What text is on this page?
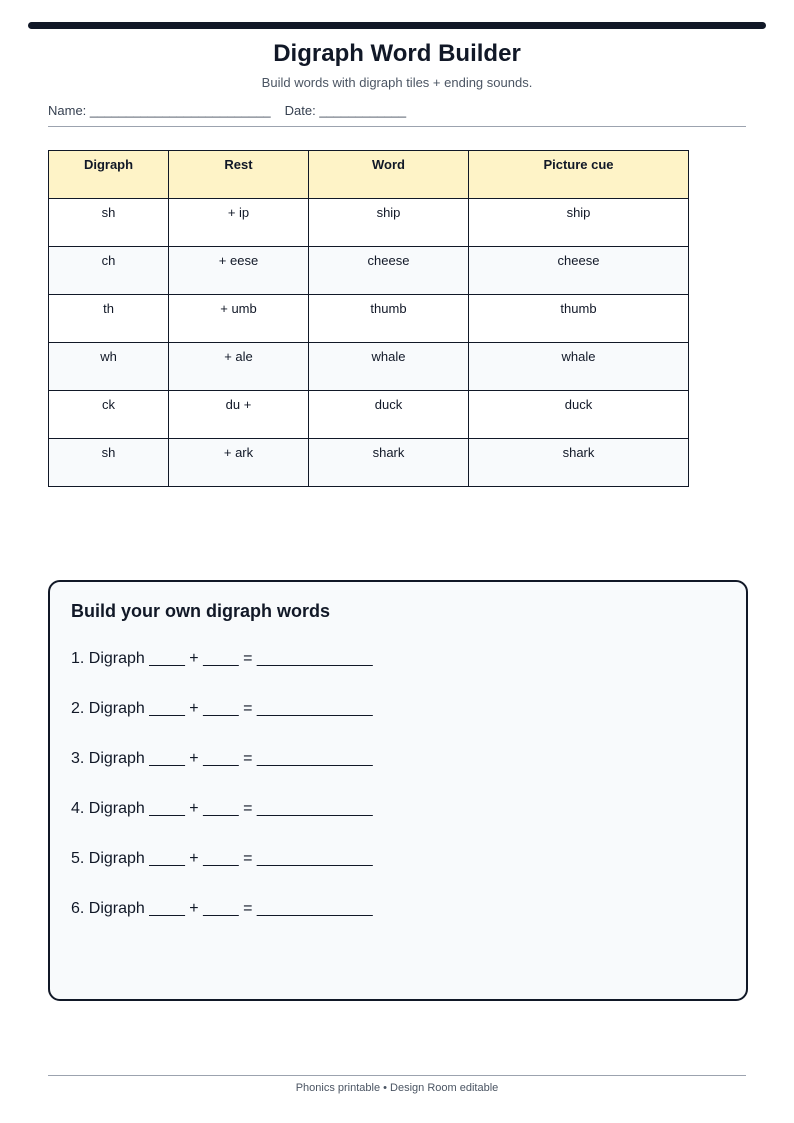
Digraph Word Builder
Build words with digraph tiles + ending sounds.
Name: _________________________ Date: ____________
Digraph	Rest	Word	Picture cue
sh	+ ip	ship	ship
ch	+ eese	cheese	cheese
th	+ umb	thumb	thumb
wh	+ ale	whale	whale
ck	du +	duck	duck
sh	+ ark	shark	shark
Build your own digraph words
1. Digraph ____ + ____ = _____________
2. Digraph ____ + ____ = _____________
3. Digraph ____ + ____ = _____________
4. Digraph ____ + ____ = _____________
5. Digraph ____ + ____ = _____________
6. Digraph ____ + ____ = _____________
Phonics printable • Design Room editable
